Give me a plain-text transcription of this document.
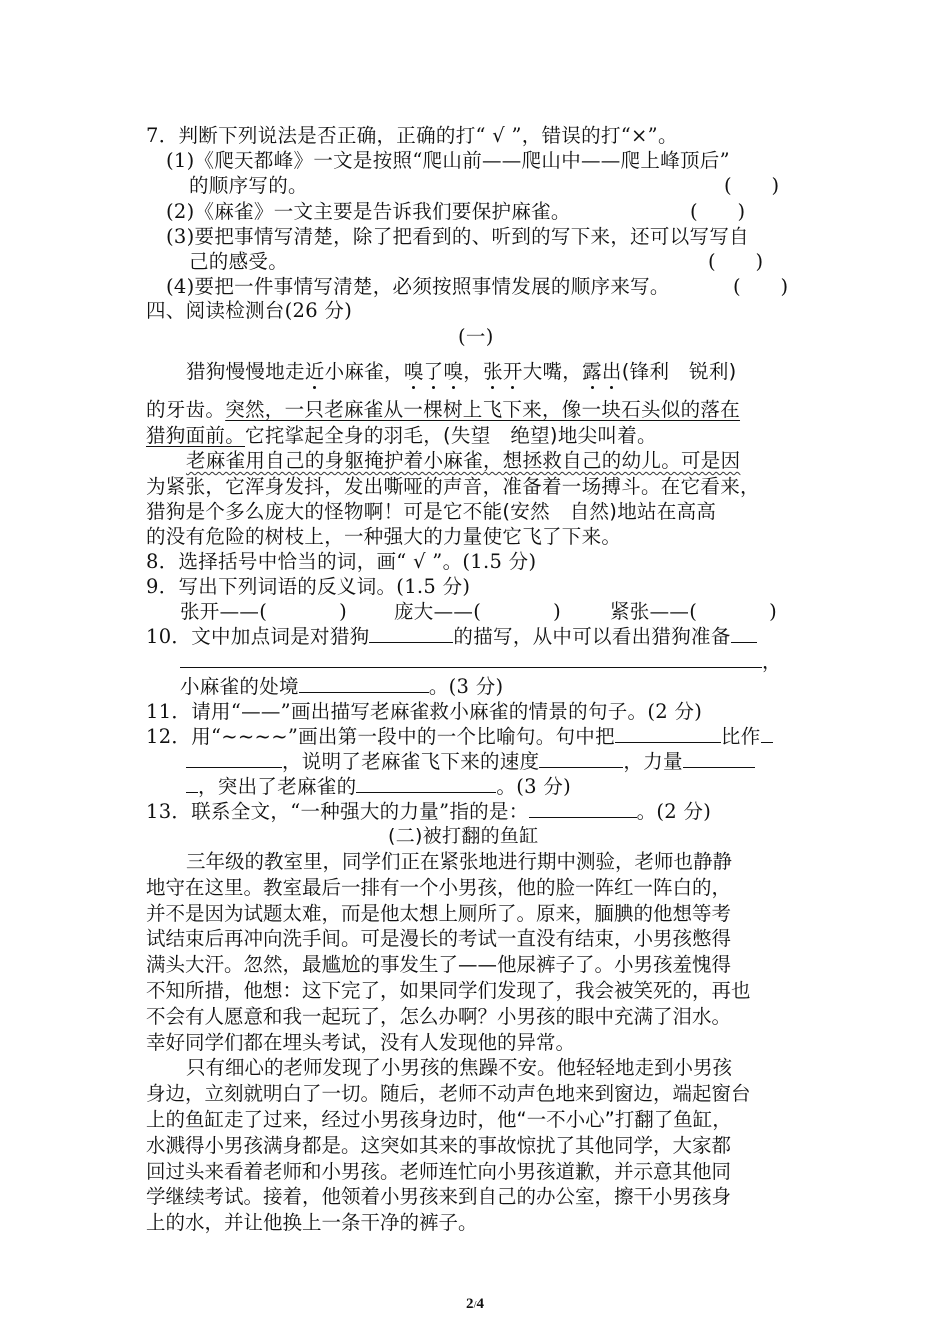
7．判断下列说法是否正确，正确的打“ √ ”，错误的打“×”。
(1)《爬天都峰》一文是按照“爬山前——爬山中——爬上峰顶后”
的顺序写的。	(　　)
(2)《麻雀》一文主要是告诉我们要保护麻雀。	(　　)
(3)要把事情写清楚，除了把看到的、听到的写下来，还可以写写自
己的感受。	(　　)
(4)要把一件事情写清楚，必须按照事情发展的顺序来写。	(　　)
四、阅读检测台(26 分)
(一)
猎狗慢慢地走近小麻雀，嗅了嗅，张开大嘴，露出(锋利　锐利)
的牙齿。突然，一只老麻雀从一棵树上飞下来，像一块石头似的落在
猎狗面前。它挓挲起全身的羽毛，(失望　绝望)地尖叫着。
老麻雀用自己的身躯掩护着小麻雀，想拯救自己的幼儿。可是因
为紧张，它浑身发抖，发出嘶哑的声音，准备着一场搏斗。在它看来，
猎狗是个多么庞大的怪物啊！可是它不能(安然　自然)地站在高高
的没有危险的树枝上，一种强大的力量使它飞了下来。
8．选择括号中恰当的词，画“ √ ”。(1.5 分)
9．写出下列词语的反义词。(1.5 分)
张开——(	) 庞大——(	)	紧张——(	)
10．文中加点词是对猎狗	的描写，从中可以看出猎狗准备
，
小麻雀的处境	。(3 分)
11．请用“——”画出描写老麻雀救小麻雀的情景的句子。(2 分)
12．用“~~~~”画出第一段中的一个比喻句。句中把	比作
，说明了老麻雀飞下来的速度	，力量
，突出了老麻雀的	。(3 分)
13．联系全文，“一种强大的力量”指的是：	。(2 分)
(二)被打翻的鱼缸
三年级的教室里，同学们正在紧张地进行期中测验，老师也静静
地守在这里。教室最后一排有一个小男孩，他的脸一阵红一阵白的，
并不是因为试题太难，而是他太想上厕所了。原来，腼腆的他想等考
试结束后再冲向洗手间。可是漫长的考试一直没有结束，小男孩憋得
满头大汗。忽然，最尴尬的事发生了——他尿裤子了。小男孩羞愧得
不知所措，他想：这下完了，如果同学们发现了，我会被笑死的，再也
不会有人愿意和我一起玩了，怎么办啊？小男孩的眼中充满了泪水。
幸好同学们都在埋头考试，没有人发现他的异常。
只有细心的老师发现了小男孩的焦躁不安。他轻轻地走到小男孩
身边，立刻就明白了一切。随后，老师不动声色地来到窗边，端起窗台
上的鱼缸走了过来，经过小男孩身边时，他“一不小心”打翻了鱼缸，
水溅得小男孩满身都是。这突如其来的事故惊扰了其他同学，大家都
回过头来看着老师和小男孩。老师连忙向小男孩道歉，并示意其他同
学继续考试。接着，他领着小男孩来到自己的办公室，擦干小男孩身
上的水，并让他换上一条干净的裤子。
2/4
